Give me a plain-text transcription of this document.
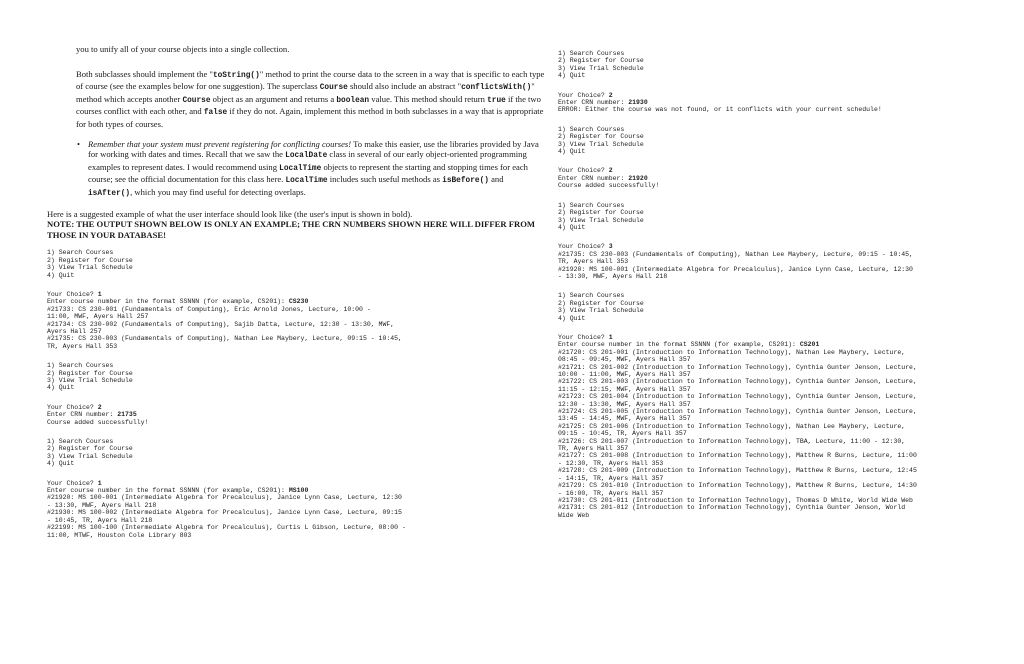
you to unify all of your course objects into a single collection.

Both subclasses should implement the "toString()" method to print the course data to the screen in a way that is specific to each type of course (see the examples below for one suggestion). The superclass Course should also include an abstract "conflictsWith()" method which accepts another Course object as an argument and returns a boolean value. This method should return true if the two courses conflict with each other, and false if they do not. Again, implement this method in both subclasses in a way that is appropriate for both types of courses.

• Remember that your system must prevent registering for conflicting courses! To make this easier, use the libraries provided by Java for working with dates and times. Recall that we saw the LocalDate class in several of our early object-oriented programming examples to represent dates. I would recommend using LocalTime objects to represent the starting and stopping times for each course; see the official documentation for this class here. LocalTime includes such useful methods as isBefore() and isAfter(), which you may find useful for detecting overlaps.

Here is a suggested example of what the user interface should look like (the user's input is shown in bold).

NOTE: THE OUTPUT SHOWN BELOW IS ONLY AN EXAMPLE; THE CRN NUMBERS SHOWN HERE WILL DIFFER FROM THOSE IN YOUR DATABASE!

1) Search Courses
2) Register for Course
3) View Trial Schedule
4) Quit
Your Choice? 1
Enter course number in the format SSNNN (for example, CS201): CS230
#21733: CS 230-001 (Fundamentals of Computing), Eric Arnold Jones, Lecture, 10:00 -
11:00, MWF, Ayers Hall 257
#21734: CS 230-002 (Fundamentals of Computing), Sajib Datta, Lecture, 12:30 - 13:30, MWF,
Ayers Hall 257
#21735: CS 230-003 (Fundamentals of Computing), Nathan Lee Maybery, Lecture, 09:15 - 10:45,
TR, Ayers Hall 353
1) Search Courses
2) Register for Course
3) View Trial Schedule
4) Quit
Your Choice? 2
Enter CRN number: 21735
Course added successfully!
1) Search Courses
2) Register for Course
3) View Trial Schedule
4) Quit
Your Choice? 1
Enter course number in the format SSNNN (for example, CS201): MS100
#21920: MS 100-001 (Intermediate Algebra for Precalculus), Janice Lynn Case, Lecture, 12:30
- 13:30, MWF, Ayers Hall 218
#21930: MS 100-002 (Intermediate Algebra for Precalculus), Janice Lynn Case, Lecture, 09:15
- 10:45, TR, Ayers Hall 218
#22199: MS 100-100 (Intermediate Algebra for Precalculus), Curtis L Gibson, Lecture, 08:00 -
11:00, MTWF, Houston Cole Library 803
1) Search Courses
2) Register for Course
3) View Trial Schedule
4) Quit
Your Choice? 2
Enter CRN number: 21930
ERROR: Either the course was not found, or it conflicts with your current schedule!
1) Search Courses
2) Register for Course
3) View Trial Schedule
4) Quit
Your Choice? 2
Enter CRN number: 21920
Course added successfully!
1) Search Courses
2) Register for Course
3) View Trial Schedule
4) Quit
Your Choice? 3
#21735: CS 230-003 (Fundamentals of Computing), Nathan Lee Maybery, Lecture, 09:15 - 10:45,
TR, Ayers Hall 353
#21920: MS 100-001 (Intermediate Algebra for Precalculus), Janice Lynn Case, Lecture, 12:30
- 13:30, MWF, Ayers Hall 218
1) Search Courses
2) Register for Course
3) View Trial Schedule
4) Quit
Your Choice? 1
Enter course number in the format SSNNN (for example, CS201): CS201
#21720: CS 201-001 (Introduction to Information Technology), Nathan Lee Maybery, Lecture,
08:45 - 09:45, MWF, Ayers Hall 357
#21721: CS 201-002 (Introduction to Information Technology), Cynthia Gunter Jenson, Lecture,
10:00 - 11:00, MWF, Ayers Hall 357
#21722: CS 201-003 (Introduction to Information Technology), Cynthia Gunter Jenson, Lecture,
11:15 - 12:15, MWF, Ayers Hall 357
#21723: CS 201-004 (Introduction to Information Technology), Cynthia Gunter Jenson, Lecture,
12:30 - 13:30, MWF, Ayers Hall 357
#21724: CS 201-005 (Introduction to Information Technology), Cynthia Gunter Jenson, Lecture,
13:45 - 14:45, MWF, Ayers Hall 357
#21725: CS 201-006 (Introduction to Information Technology), Nathan Lee Maybery, Lecture,
09:15 - 10:45, TR, Ayers Hall 357
#21726: CS 201-007 (Introduction to Information Technology), TBA, Lecture, 11:00 - 12:30,
TR, Ayers Hall 357
#21727: CS 201-008 (Introduction to Information Technology), Matthew R Burns, Lecture, 11:00
- 12:30, TR, Ayers Hall 353
#21728: CS 201-009 (Introduction to Information Technology), Matthew R Burns, Lecture, 12:45
- 14:15, TR, Ayers Hall 357
#21729: CS 201-010 (Introduction to Information Technology), Matthew R Burns, Lecture, 14:30
- 16:00, TR, Ayers Hall 357
#21730: CS 201-011 (Introduction to Information Technology), Thomas D White, World Wide Web
#21731: CS 201-012 (Introduction to Information Technology), Cynthia Gunter Jenson, World
Wide Web
